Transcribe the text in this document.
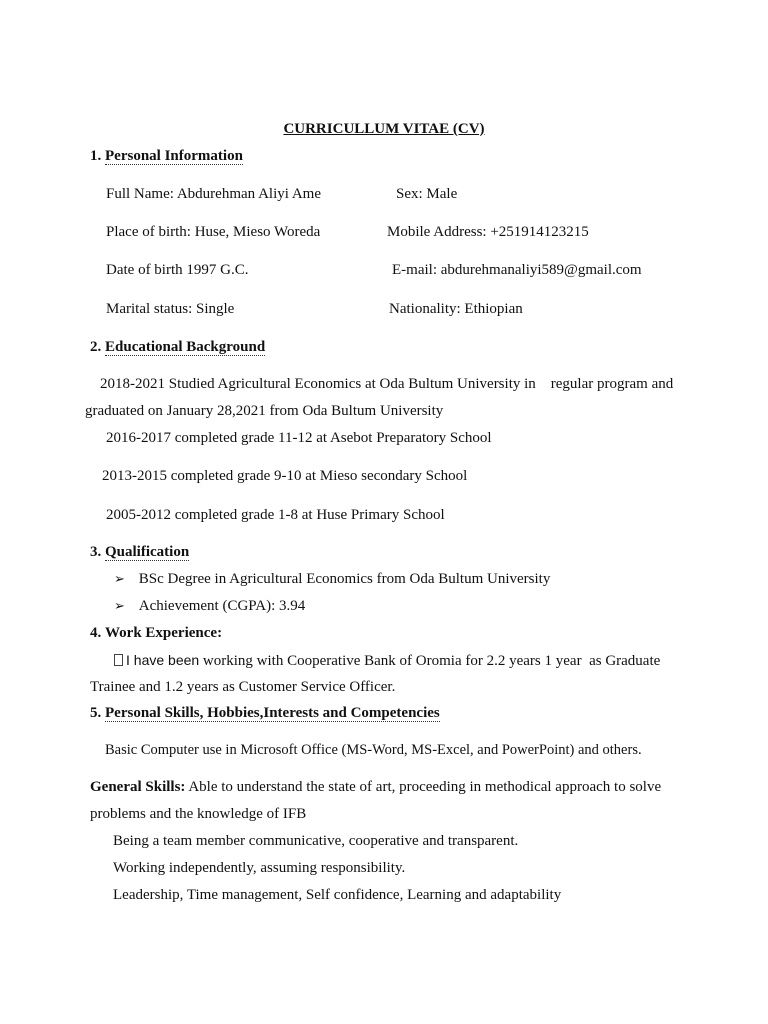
CURRICULLUM VITAE (CV)
1. Personal Information
Full Name: Abdurehman Aliyi Ame	Sex: Male
Place of birth: Huse, Mieso Woreda	Mobile Address: +251914123215
Date of birth 1997 G.C.	E-mail: abdurehmanaliyi589@gmail.com
Marital status: Single	Nationality: Ethiopian
2. Educational Background
2018-2021 Studied Agricultural Economics at Oda Bultum University in    regular program and
graduated on January 28,2021 from Oda Bultum University
2016-2017 completed grade 11-12 at Asebot Preparatory School
2013-2015 completed grade 9-10 at Mieso secondary School
2005-2012 completed grade 1-8 at Huse Primary School
3. Qualification
➢ BSc Degree in Agricultural Economics from Oda Bultum University
➢ Achievement (CGPA): 3.94
4. Work Experience:
I have been working with Cooperative Bank of Oromia for 2.2 years 1 year  as Graduate
Trainee and 1.2 years as Customer Service Officer.
5. Personal Skills, Hobbies,Interests and Competencies
Basic Computer use in Microsoft Office (MS-Word, MS-Excel, and PowerPoint) and others.
General Skills: Able to understand the state of art, proceeding in methodical approach to solve
problems and the knowledge of IFB
Being a team member communicative, cooperative and transparent.
Working independently, assuming responsibility.
Leadership, Time management, Self confidence, Learning and adaptability
